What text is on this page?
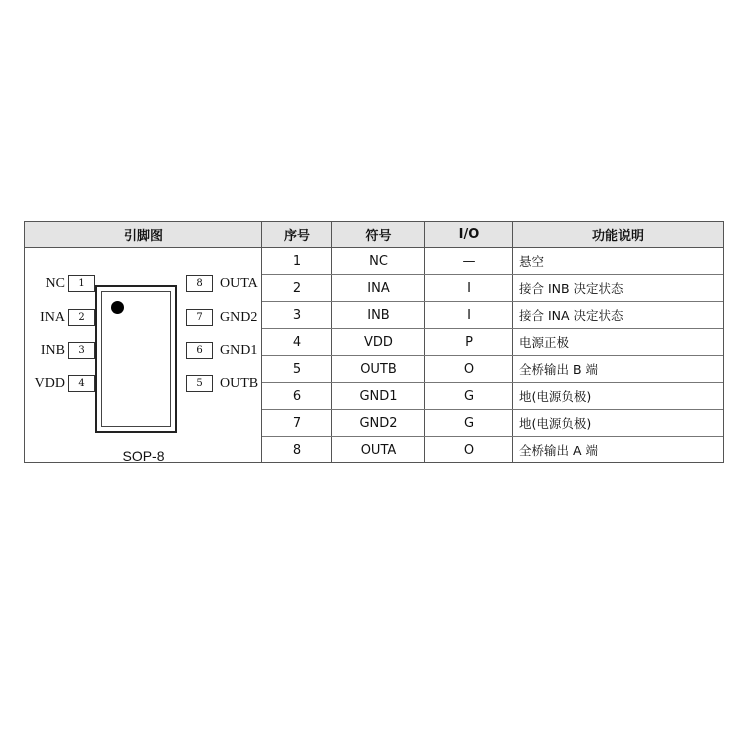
引脚图	序号	符号	I/O	功能说明
NC	1
INA	2
INB	3
VDD	4
8	OUTA
7	GND2
6	GND1
5	OUTB
SOP-8
1	NC	—	悬空
2	INA	I	接合 INB 决定状态
3	INB	I	接合 INA 决定状态
4	VDD	P	电源正极
5	OUTB	O	全桥输出 B 端
6	GND1	G	地(电源负极)
7	GND2	G	地(电源负极)
8	OUTA	O	全桥输出 A 端
